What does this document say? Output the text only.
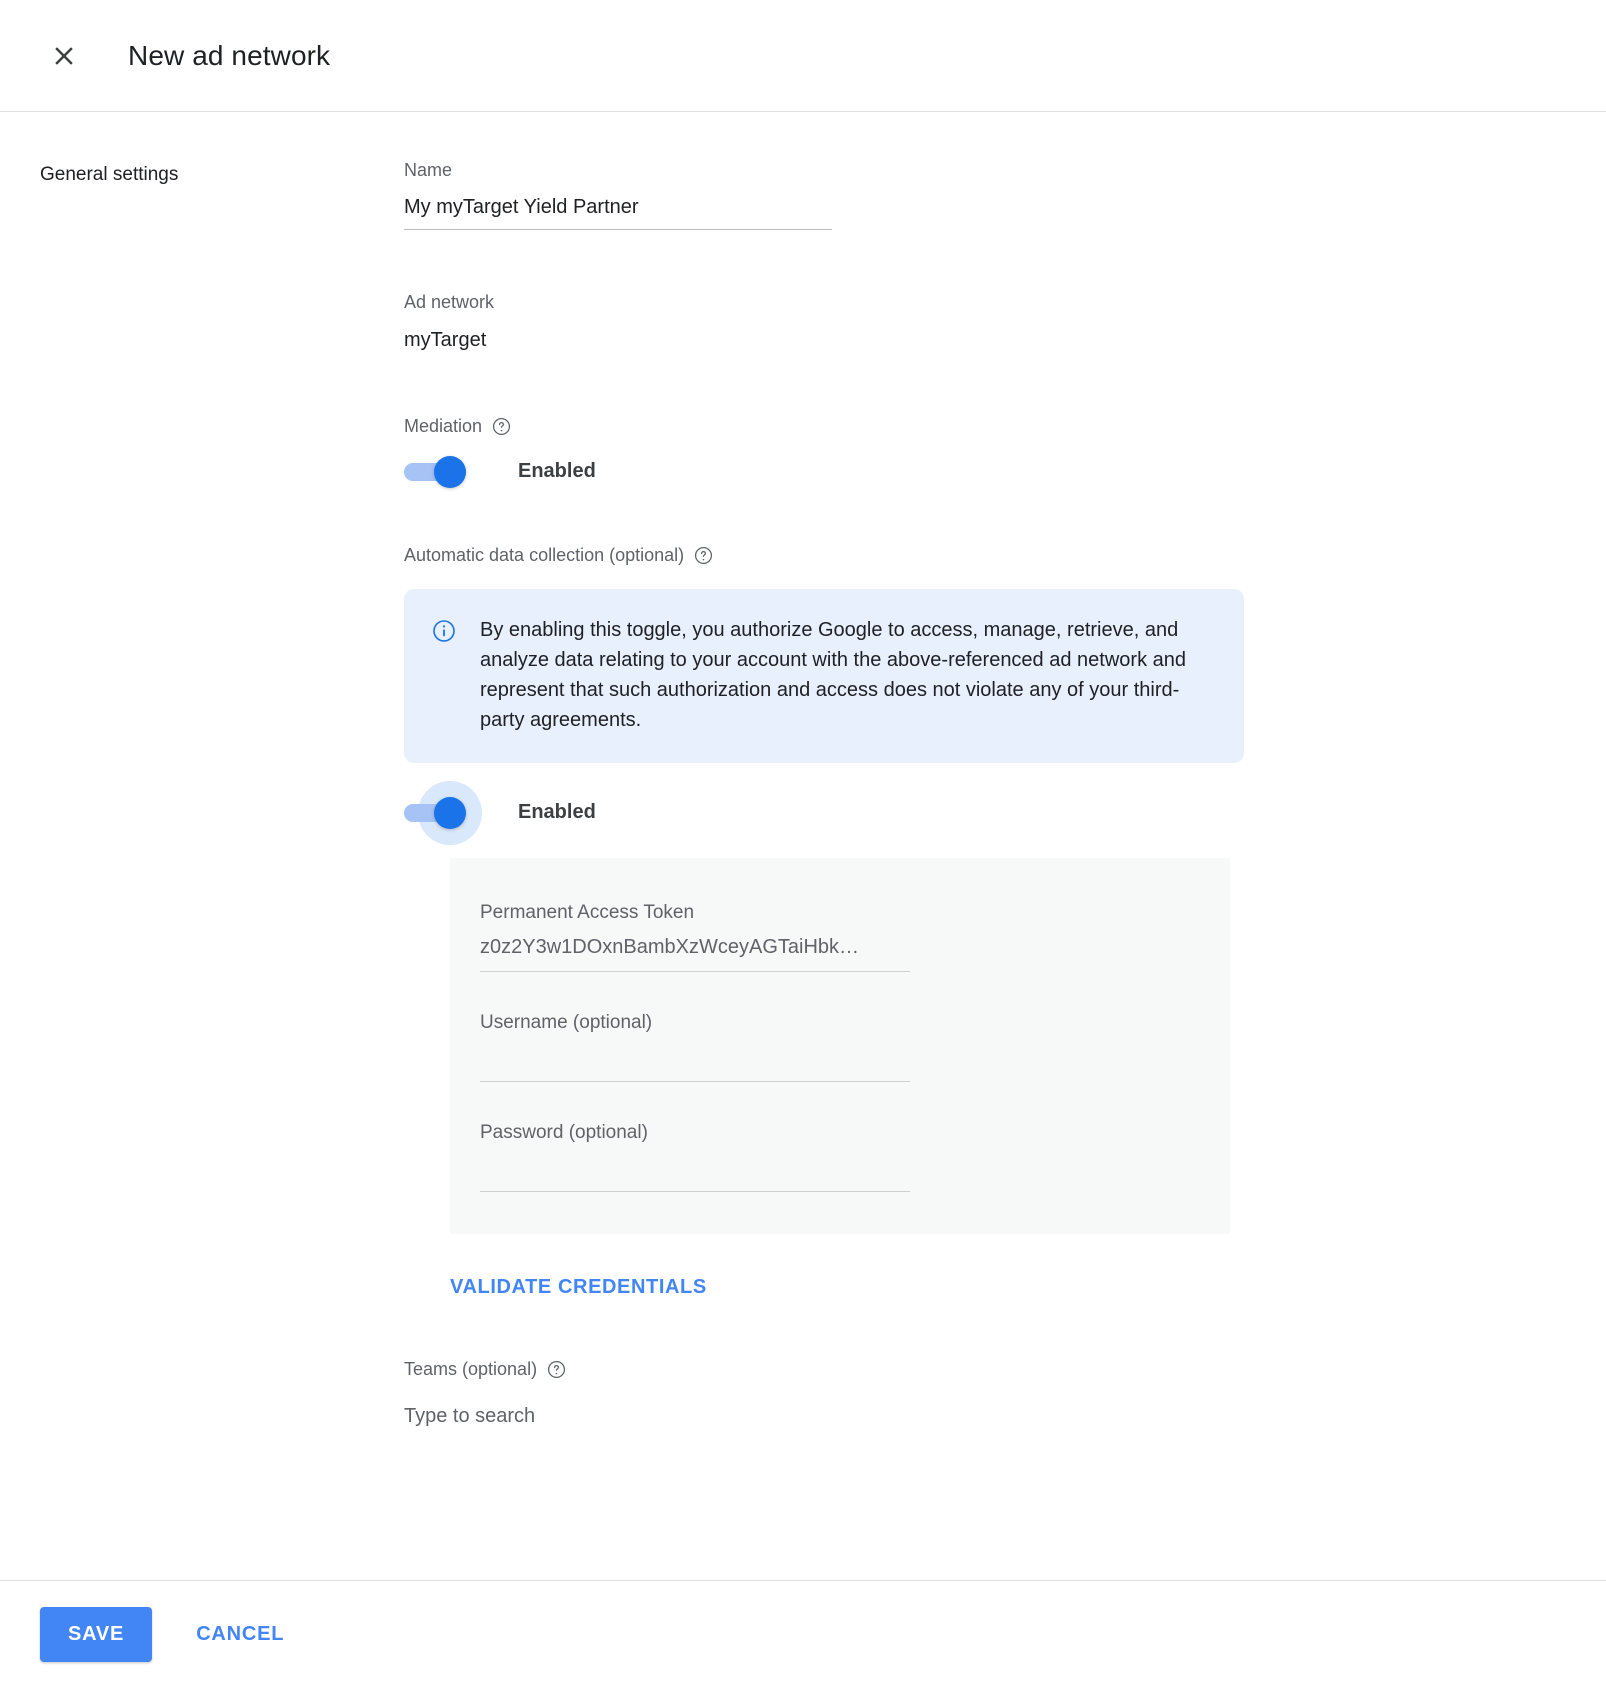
New ad network
General settings	Name
My myTarget Yield Partner
Ad network
myTarget
Mediation
Enabled
Automatic data collection (optional)
By enabling this toggle, you authorize Google to access, manage, retrieve, and analyze data relating to your account with the above-referenced ad network and represent that such authorization and access does not violate any of your third-party agreements.
Enabled
Permanent Access Token
z0z2Y3w1DOxnBambXzWceyAGTaiHbk…
Username (optional)
Password (optional)
VALIDATE CREDENTIALS
Teams (optional)
Type to search
SAVE	CANCEL
